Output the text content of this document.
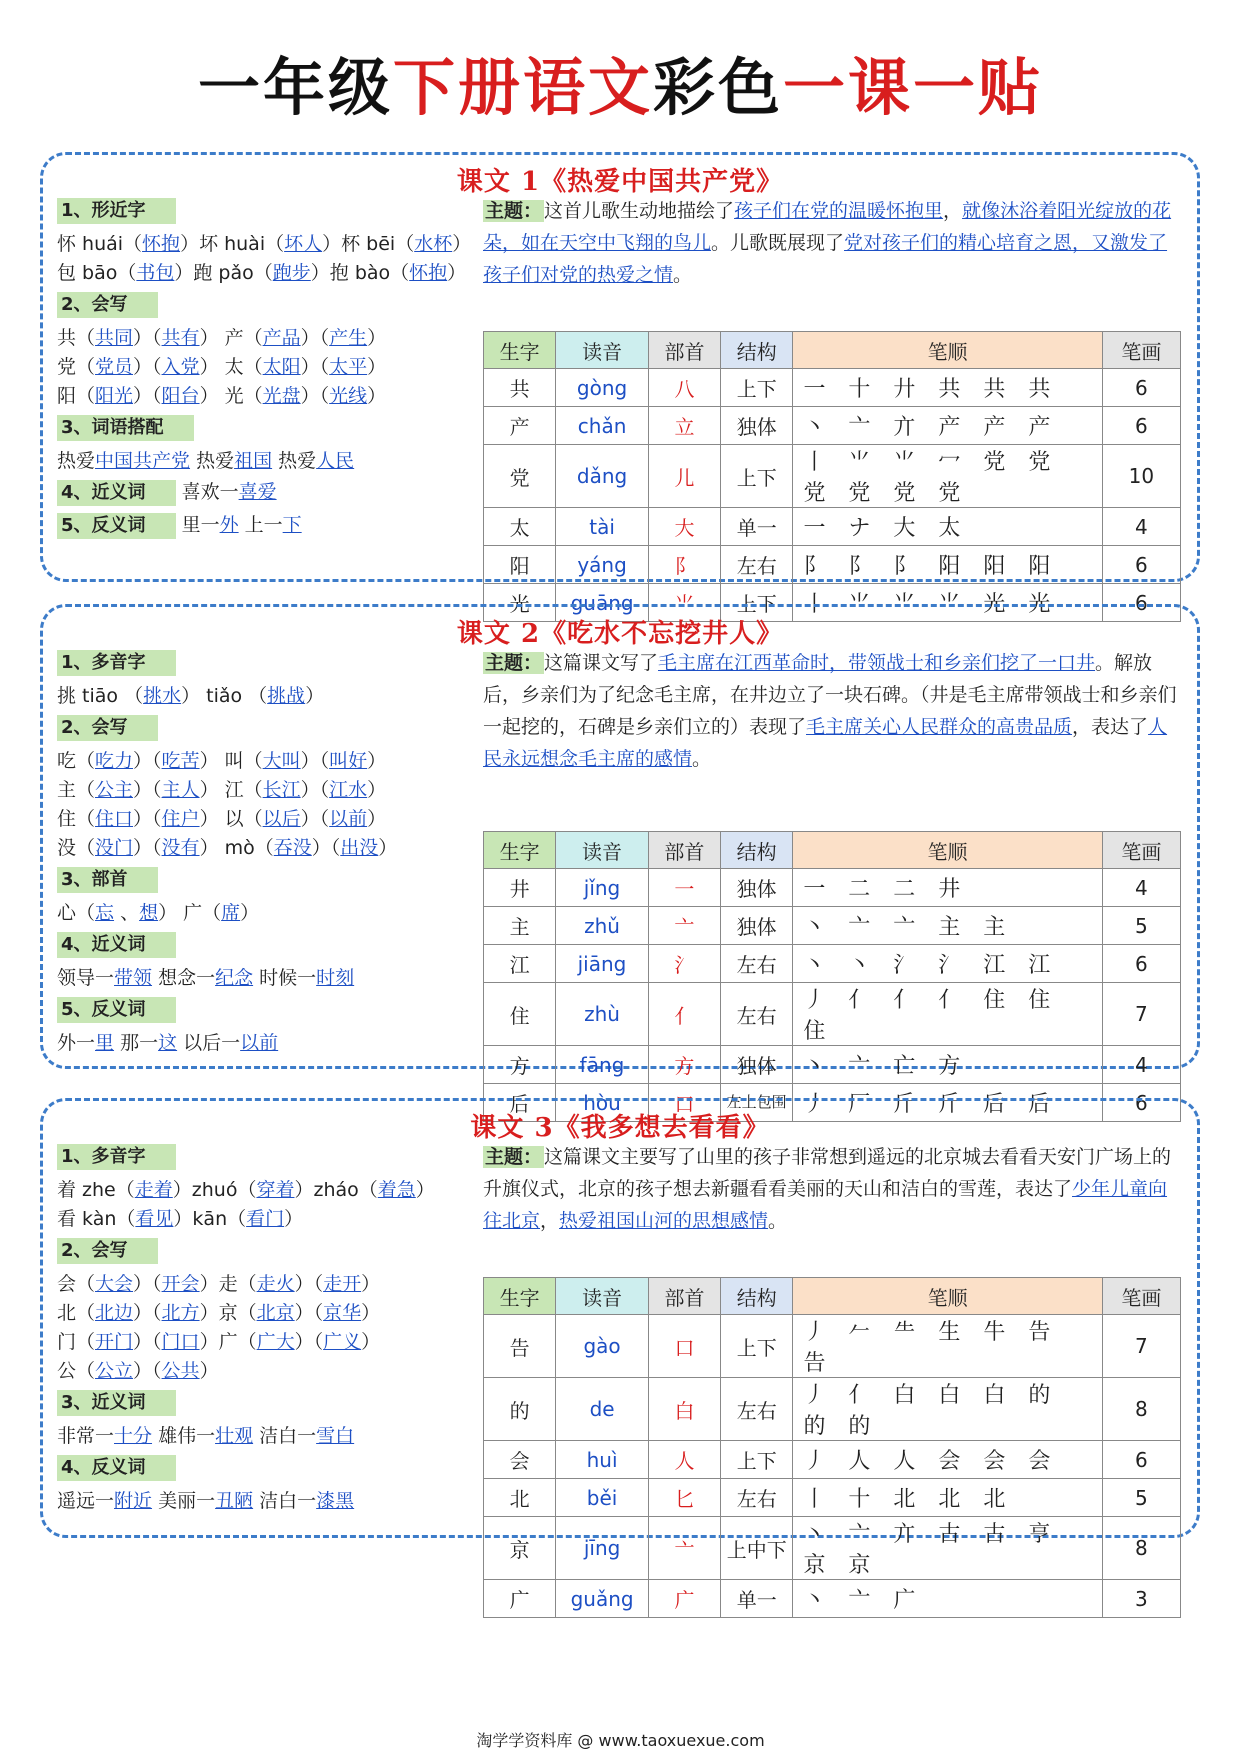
一年级下册语文彩色一课一贴
课文 1《热爱中国共产党》
1、形近字
怀 huái（怀抱）坏 huài（坏人）杯 bēi（水杯）
包 bāo（书包）跑 pǎo（跑步）抱 bào（怀抱）
2、会写
共（共同）（共有） 产（产品）（产生）
党（党员）（入党） 太（太阳）（太平）
阳（阳光）（阳台） 光（光盘）（光线）
3、词语搭配
热爱中国共产党 热爱祖国 热爱人民
4、近义词 喜欢一喜爱
5、反义词 里一外 上一下
主题： 这首儿歌生动地描绘了孩子们在党的温暖怀抱里，就像沐浴着阳光绽放的花朵，如在天空中飞翔的鸟儿。儿歌既展现了党对孩子们的精心培育之恩，又激发了孩子们对党的热爱之情。
生字	读音	部首	结构	笔顺	笔画
共	gòng	八	上下	一 十 廾 共 共 共	6
产	chǎn	立	独体	丶 亠 亣 产 产 产	6
党	dǎng	儿	上下	丨 ⺌ ⺌ 冖 党 党 党 党 党 党	10
太	tài	大	单一	一 ナ 大 太	4
阳	yáng	阝	左右	阝 阝 阝 阳 阳 阳	6
光	guāng	⺌	上下	丨 ⺌ ⺌ ⺌ 光 光	6
课文 2《吃水不忘挖井人》
1、多音字
挑 tiāo （挑水） tiǎo （挑战）
2、会写
吃（吃力）（吃苦） 叫（大叫）（叫好）
主（公主）（主人） 江（长江）（江水）
住（住口）（住户） 以（以后）（以前）
没（没门）（没有） mò（吞没）（出没）
3、部首
心（忘 、想） 广（席）
4、近义词
领导一带领 想念一纪念 时候一时刻
5、反义词
外一里 那一这 以后一以前
主题： 这篇课文写了毛主席在江西革命时，带领战士和乡亲们挖了一口井。解放后，乡亲们为了纪念毛主席，在井边立了一块石碑。（井是毛主席带领战士和乡亲们一起挖的，石碑是乡亲们立的）表现了毛主席关心人民群众的高贵品质，表达了人民永远想念毛主席的感情。
生字	读音	部首	结构	笔顺	笔画
井	jǐng	一	独体	一 二 ⼆ 井	4
主	zhǔ	亠	独体	丶 亠 亠 主 主	5
江	jiāng	氵	左右	丶 丶 氵 氵 江 江	6
住	zhù	亻	左右	丿 亻 亻 亻 住 住 住	7
方	fāng	方	独体	丶 亠 亡 方	4
后	hòu	口	左上包围	丿 厂 斤 斤 后 后	6
课文 3《我多想去看看》
1、多音字
着 zhe（走着）zhuó（穿着）zháo（着急）
看 kàn（看见）kān（看门）
2、会写
会（大会）（开会）走（走火）（走开）
北（北边）（北方）京（北京）（京华）
门（开门）（门口）广（广大）（广义）
公（公立）（公共）
3、近义词
非常一十分 雄伟一壮观 洁白一雪白
4、反义词
遥远一附近 美丽一丑陋 洁白一漆黑
主题： 这篇课文主要写了山里的孩子非常想到遥远的北京城去看看天安门广场上的升旗仪式，北京的孩子想去新疆看看美丽的天山和洁白的雪莲，表达了少年儿童向往北京，热爱祖国山河的思想感情。
生字	读音	部首	结构	笔顺	笔画
告	gào	口	上下	丿 𠂉 ⺧ 生 牛 告 告	7
的	de	白	左右	丿 亻 白 白 白 的 的 的	8
会	huì	人	上下	丿 人 人 会 会 会	6
北	běi	匕	左右	丨 十 北 北 北	5
京	jīng	亠	上中下	丶 亠 亣 古 古 亨 京 京	8
广	guǎng	广	单一	丶 亠 广	3
淘学学资料库 @ www.taoxuexue.com
